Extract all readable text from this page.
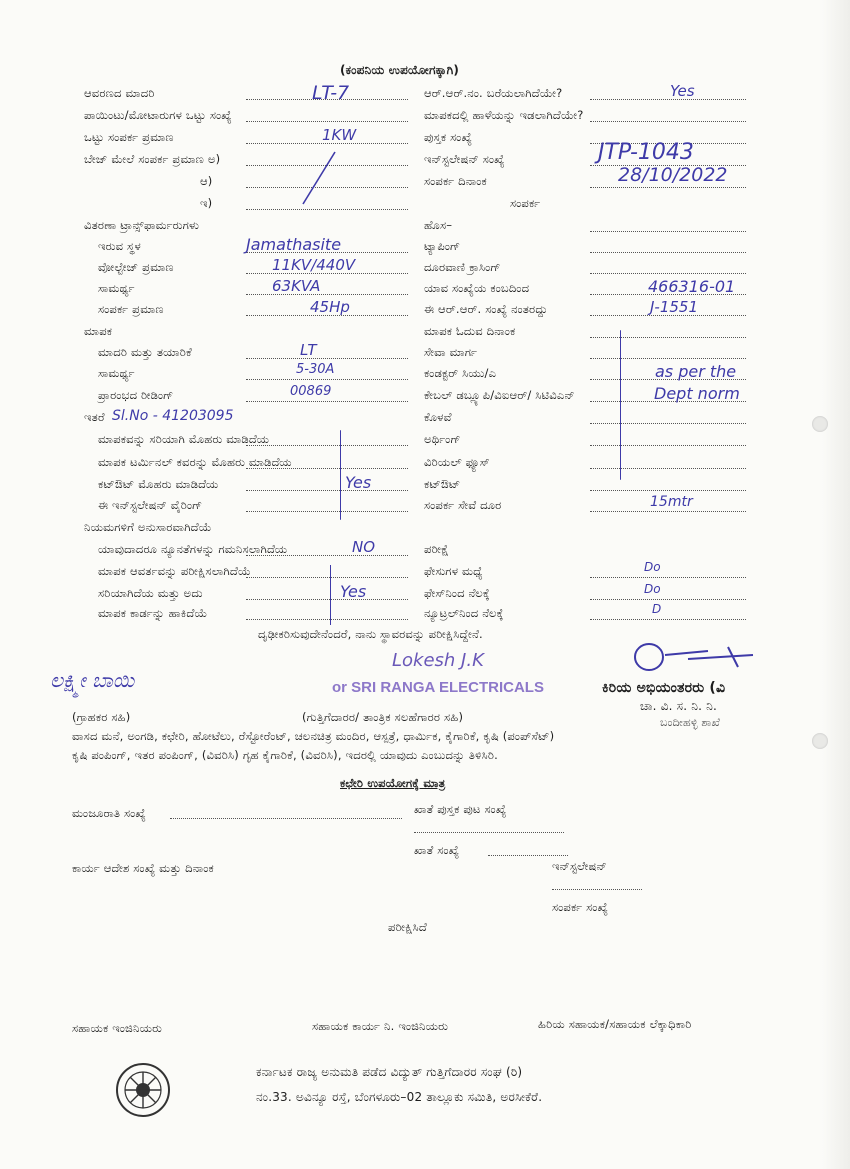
(ಕಂಪನಿಯ ಉಪಯೋಗಕ್ಕಾಗಿ)
ಆವರಣದ ಮಾದರಿ	LT-7
ಪಾಯಿಂಟು/ಮೋಟಾರುಗಳ ಒಟ್ಟು ಸಂಖ್ಯೆ
ಒಟ್ಟು ಸಂಪರ್ಕ ಪ್ರಮಾಣ	1KW
ಬೇಜ್ ಮೇಲೆ ಸಂಪರ್ಕ ಪ್ರಮಾಣ ಅ)
ಆ)
ಇ)
ವಿತರಣಾ ಟ್ರಾನ್ಸ್‌ಫಾರ್ಮರುಗಳು
ಇರುವ ಸ್ಥಳ	Jamathasite
ವೋಲ್ಟೇಜ್ ಪ್ರಮಾಣ	11KV/440V
ಸಾಮರ್ಥ್ಯ	63KVA
ಸಂಪರ್ಕ ಪ್ರಮಾಣ	45Hp
ಮಾಪಕ
ಮಾದರಿ ಮತ್ತು ತಯಾರಿಕೆ	LT
ಸಾಮರ್ಥ್ಯ	5-30A
ಪ್ರಾರಂಭದ ರೀಡಿಂಗ್	00869
ಇತರೆ Sl.No - 41203095
ಮಾಪಕವನ್ನು ಸರಿಯಾಗಿ ಮೊಹರು ಮಾಡಿದೆಯ
ಮಾಪಕ ಟರ್ಮಿನಲ್ ಕವರನ್ನು ಮೊಹರು ಮಾಡಿದೆಯ
ಕಟ್‌ಔಟ್ ಮೊಹರು ಮಾಡಿದೆಯ	Yes
ಈ ಇನ್‌ಸ್ಟಲೇಷನ್ ವೈರಿಂಗ್
ನಿಯಮಗಳಿಗೆ ಅನುಸಾರವಾಗಿದೆಯೆ
ಯಾವುದಾದರೂ ನ್ಯೂನತೆಗಳನ್ನು ಗಮನಿಸಲಾಗಿದೆಯ	NO
ಮಾಪಕ ಆವರ್ತವನ್ನು ಪರೀಕ್ಷಿಸಲಾಗಿದೆಯೆ
ಸರಿಯಾಗಿದೆಯ ಮತ್ತು ಅದು	Yes
ಮಾಪಕ ಕಾರ್ಡನ್ನು ಹಾಕಿದೆಯೆ
ಆರ್.ಆರ್.ನಂ. ಬರೆಯಲಾಗಿದೆಯೇ?	Yes
ಮಾಪಕದಲ್ಲಿ ಹಾಳೆಯನ್ನು ಇಡಲಾಗಿದೆಯೇ?
ಪುಸ್ತಕ ಸಂಖ್ಯೆ
ಇನ್‌ಸ್ಟಲೇಷನ್ ಸಂಖ್ಯೆ	JTP-1043
ಸಂಪರ್ಕ ದಿನಾಂಕ	28/10/2022
ಸಂಪರ್ಕ
ಹೊಸ–
ಟ್ಯಾಪಿಂಗ್
ದೂರವಾಣಿ ಕ್ರಾಸಿಂಗ್
ಯಾವ ಸಂಖ್ಯೆಯ ಕಂಬದಿಂದ	466316-01
ಈ ಆರ್.ಆರ್. ಸಂಖ್ಯೆ ನಂತರದ್ದು	J-1551
ಮಾಪಕ ಓದುವ ದಿನಾಂಕ
ಸೇವಾ ಮಾರ್ಗ
ಕಂಡಕ್ಟರ್ ಸಿಯು/ಎ	as per the
ಕೇಬಲ್ ಡಬ್ಲ್ಯೂಪಿ/ವಿಐಆರ್/ ಸಿಟಿವಿಎನ್	Dept norm
ಕೊಳವೆ
ಅರ್ಥಿಂಗ್
ವಿರಿಯಲ್ ಫ್ಯೂಸ್
ಕಟ್‌ಔಟ್
ಸಂಪರ್ಕ ಸೇವೆ ದೂರ	15mtr
ಪರೀಕ್ಷೆ
ಫೇಸುಗಳ ಮಧ್ಯೆ	Do
ಫೇಸ್‌ನಿಂದ ನೆಲಕ್ಕೆ	Do
ನ್ಯೂಟ್ರಲ್‌ನಿಂದ ನೆಲಕ್ಕೆ	D
ದೃಢೀಕರಿಸುವುದೇನೆಂದರೆ, ನಾನು ಸ್ಥಾವರವನ್ನು ಪರೀಕ್ಷಿಸಿದ್ದೇನೆ.
ಲಕ್ಷ್ಮೀ ಬಾಯಿ
Lokesh J.K
or SRI RANGA ELECTRICALS	ಕಿರಿಯ ಅಭಿಯಂತರರು (ವಿ
ಚಾ. ವಿ. ಸ. ನಿ. ನಿ.
ಬಂದೀಹಳ್ಳಿ ಶಾಖೆ
(ಗ್ರಾಹಕರ ಸಹಿ)	(ಗುತ್ತಿಗೆದಾರರ/ ತಾಂತ್ರಿಕ ಸಲಹೆಗಾರರ ಸಹಿ)
ವಾಸದ ಮನೆ, ಅಂಗಡಿ, ಕಛೇರಿ, ಹೋಟೆಲು, ರೆಸ್ಟೋರೆಂಟ್, ಚಲನಚಿತ್ರ ಮಂದಿರ, ಆಸ್ಪತ್ರೆ, ಧಾರ್ಮಿಕ, ಕೈಗಾರಿಕೆ, ಕೃಷಿ (ಪಂಪ್‌ಸೆಟ್)
ಕೃಷಿ ಪಂಪಿಂಗ್, ಇತರ ಪಂಪಿಂಗ್, (ವಿವರಿಸಿ) ಗೃಹ ಕೈಗಾರಿಕೆ, (ವಿವರಿಸಿ), ಇದರಲ್ಲಿ ಯಾವುದು ಎಂಬುದನ್ನು ತಿಳಿಸಿರಿ.
ಕಛೇರಿ ಉಪಯೋಗಕ್ಕೆ ಮಾತ್ರ
ಮಂಜೂರಾತಿ ಸಂಖ್ಯೆ	ಖಾತೆ ಪುಸ್ತಕ ಪುಟ ಸಂಖ್ಯೆ
ಖಾತೆ ಸಂಖ್ಯೆ
ಕಾರ್ಯ ಆದೇಶ ಸಂಖ್ಯೆ ಮತ್ತು ದಿನಾಂಕ	ಇನ್‌ಸ್ಟಲೇಷನ್
ಸಂಪರ್ಕ ಸಂಖ್ಯೆ
ಪರೀಕ್ಷಿಸಿದೆ
ಸಹಾಯಕ ಇಂಜಿನಿಯರು	ಸಹಾಯಕ ಕಾರ್ಯ ನಿ. ಇಂಜಿನಿಯರು	ಹಿರಿಯ ಸಹಾಯಕ/ಸಹಾಯಕ ಲೆಕ್ಕಾಧಿಕಾರಿ
ಕರ್ನಾಟಕ ರಾಜ್ಯ ಅನುಮತಿ ಪಡೆದ ವಿದ್ಯುತ್ ಗುತ್ತಿಗೆದಾರರ ಸಂಘ (ರಿ)
ನಂ.33. ಅವಿನ್ಯೂ ರಸ್ತೆ, ಬೆಂಗಳೂರು–02 ತಾಲ್ಲೂಕು ಸಮಿತಿ, ಅರಸೀಕೆರೆ.
